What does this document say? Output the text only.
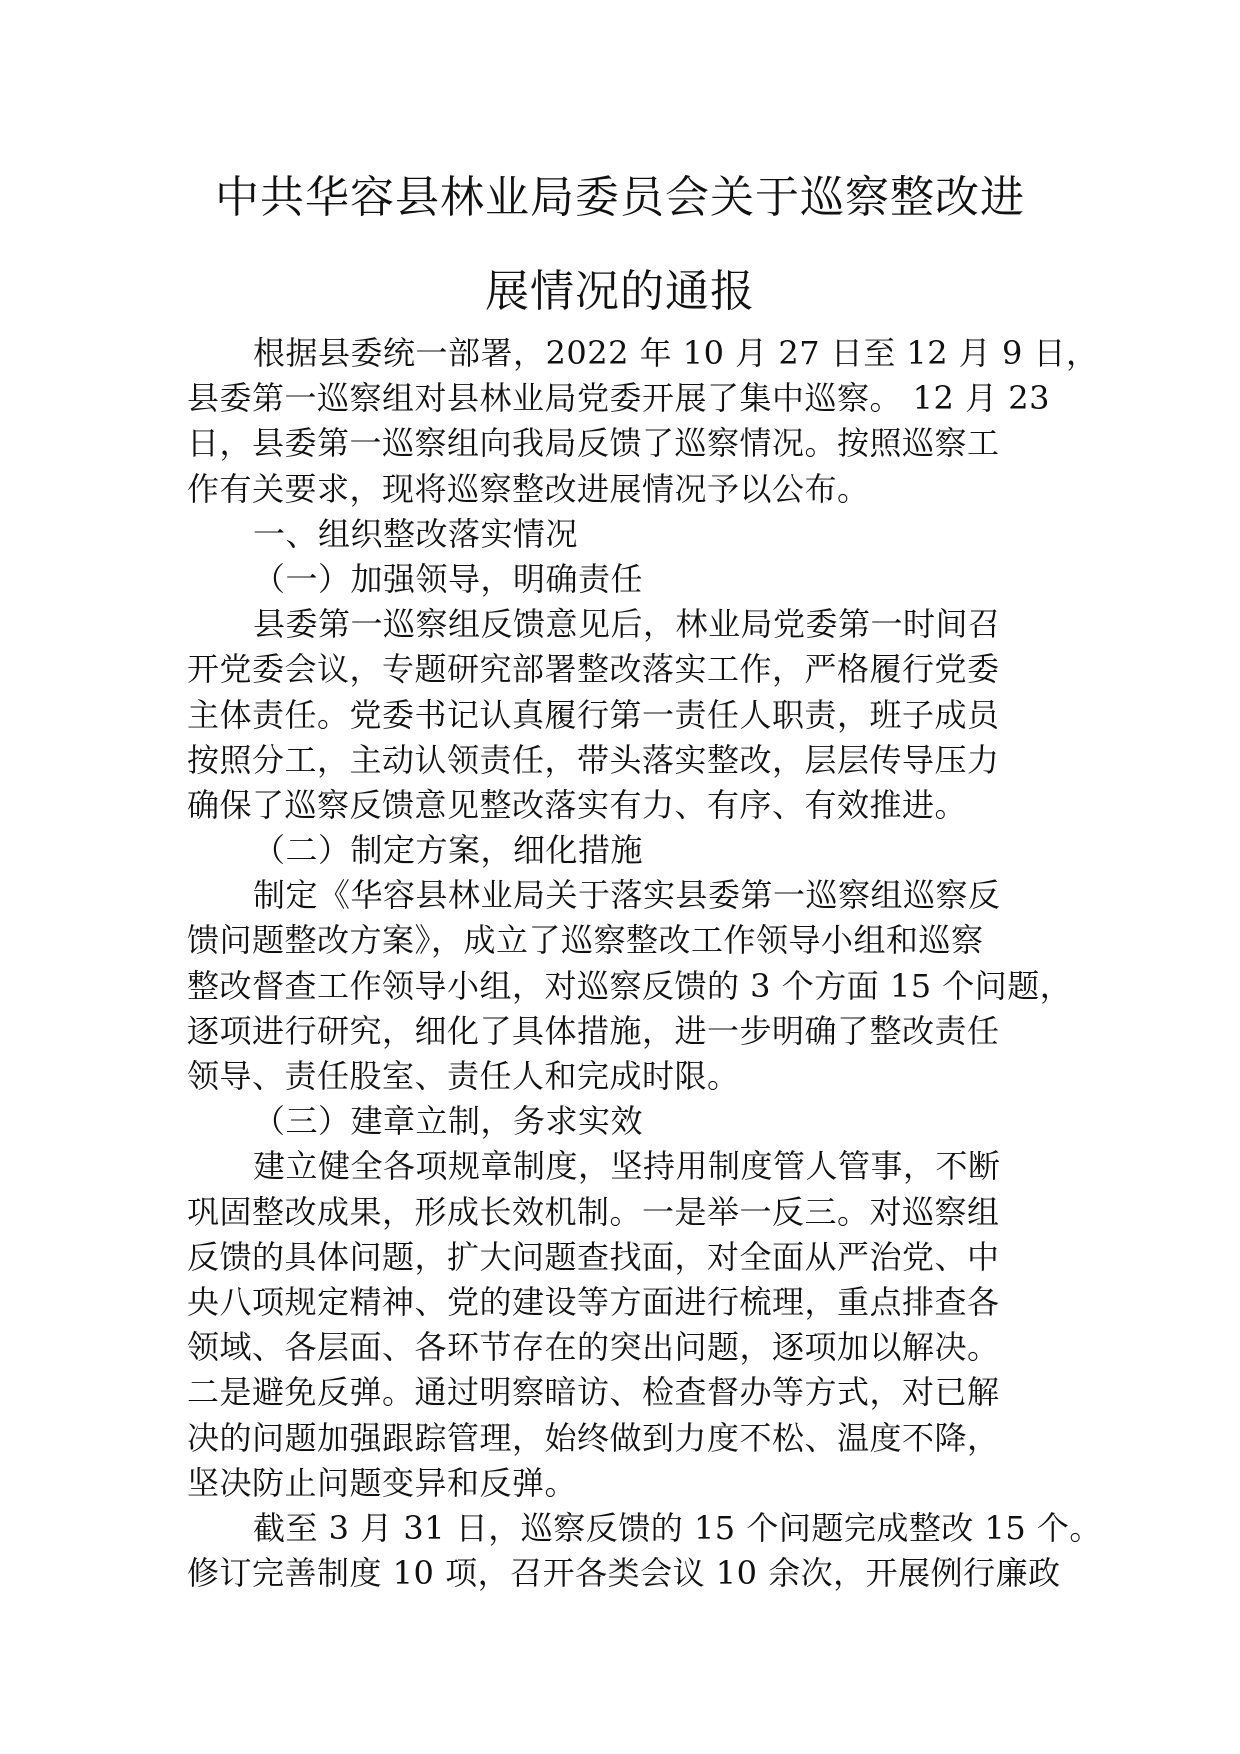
中共华容县林业局委员会关于巡察整改进
展情况的通报
根据县委统一部署，2022 年 10 月 27 日至 12 月 9 日，
县委第一巡察组对县林业局党委开展了集中巡察。 12 月 23
日，县委第一巡察组向我局反馈了巡察情况。按照巡察工
作有关要求，现将巡察整改进展情况予以公布。
一、组织整改落实情况
（一）加强领导，明确责任
县委第一巡察组反馈意见后，林业局党委第一时间召
开党委会议，专题研究部署整改落实工作，严格履行党委
主体责任。党委书记认真履行第一责任人职责，班子成员
按照分工，主动认领责任，带头落实整改，层层传导压力
确保了巡察反馈意见整改落实有力、有序、有效推进。
（二）制定方案，细化措施
制定《华容县林业局关于落实县委第一巡察组巡察反
馈问题整改方案》，成立了巡察整改工作领导小组和巡察
整改督查工作领导小组，对巡察反馈的 3 个方面 15 个问题，
逐项进行研究，细化了具体措施，进一步明确了整改责任
领导、责任股室、责任人和完成时限。
（三）建章立制，务求实效
建立健全各项规章制度，坚持用制度管人管事，不断
巩固整改成果，形成长效机制。一是举一反三。对巡察组
反馈的具体问题，扩大问题查找面，对全面从严治党、中
央八项规定精神、党的建设等方面进行梳理，重点排查各
领域、各层面、各环节存在的突出问题，逐项加以解决。
二是避免反弹。通过明察暗访、检查督办等方式，对已解
决的问题加强跟踪管理，始终做到力度不松、温度不降，
坚决防止问题变异和反弹。
截至 3 月 31 日，巡察反馈的 15 个问题完成整改 15 个。
修订完善制度 10 项，召开各类会议 10 余次，开展例行廉政
